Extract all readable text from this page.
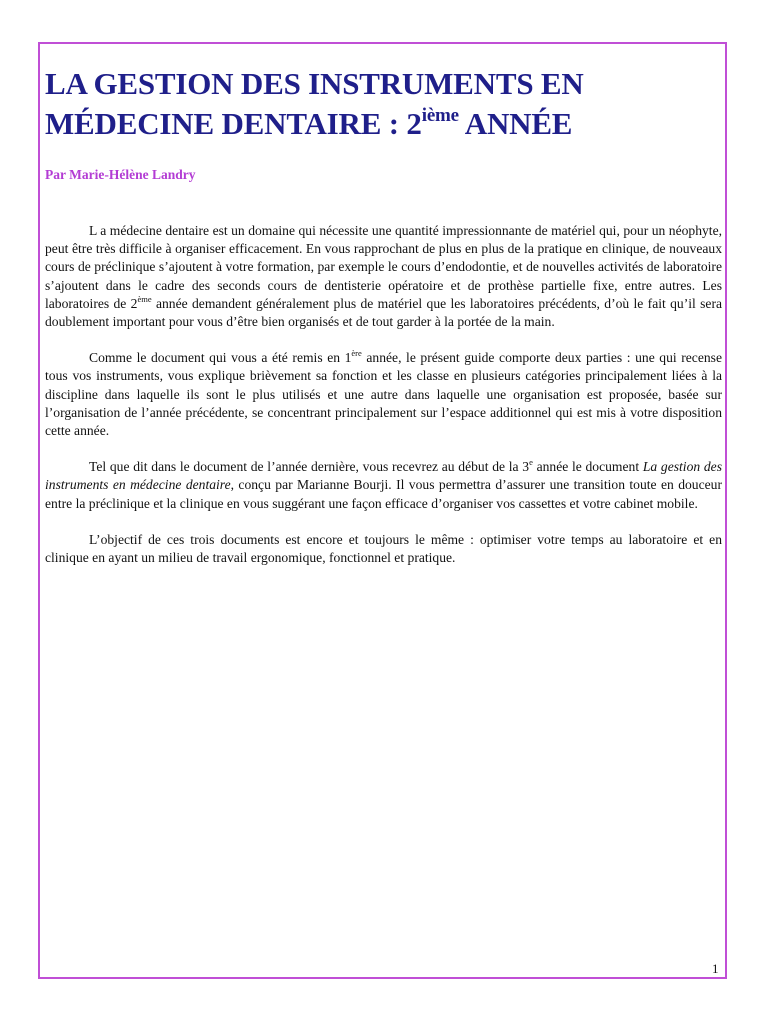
LA GESTION DES INSTRUMENTS EN
MÉDECINE DENTAIRE : 2ième ANNÉE

Par Marie-Hélène Landry

L a médecine dentaire est un domaine qui nécessite une quantité impressionnante de matériel qui, pour un néophyte, peut être très difficile à organiser efficacement. En vous rapprochant de plus en plus de la pratique en clinique, de nouveaux cours de préclinique s’ajoutent à votre formation, par exemple le cours d’endodontie, et de nouvelles activités de laboratoire s’ajoutent dans le cadre des seconds cours de dentisterie opératoire et de prothèse partielle fixe, entre autres. Les laboratoires de 2ème année demandent généralement plus de matériel que les laboratoires précédents, d’où le fait qu’il sera doublement important pour vous d’être bien organisés et de tout garder à la portée de la main.

Comme le document qui vous a été remis en 1ère année, le présent guide comporte deux parties : une qui recense tous vos instruments, vous explique brièvement sa fonction et les classe en plusieurs catégories principalement liées à la discipline dans laquelle ils sont le plus utilisés et une autre dans laquelle une organisation est proposée, basée sur l’organisation de l’année précédente, se concentrant principalement sur l’espace additionnel qui est mis à votre disposition cette année.

Tel que dit dans le document de l’année dernière, vous recevrez au début de la 3e année le document La gestion des instruments en médecine dentaire, conçu par Marianne Bourji. Il vous permettra d’assurer une transition toute en douceur entre la préclinique et la clinique en vous suggérant une façon efficace d’organiser vos cassettes et votre cabinet mobile.

L’objectif de ces trois documents est encore et toujours le même : optimiser votre temps au laboratoire et en clinique en ayant un milieu de travail ergonomique, fonctionnel et pratique.

1
